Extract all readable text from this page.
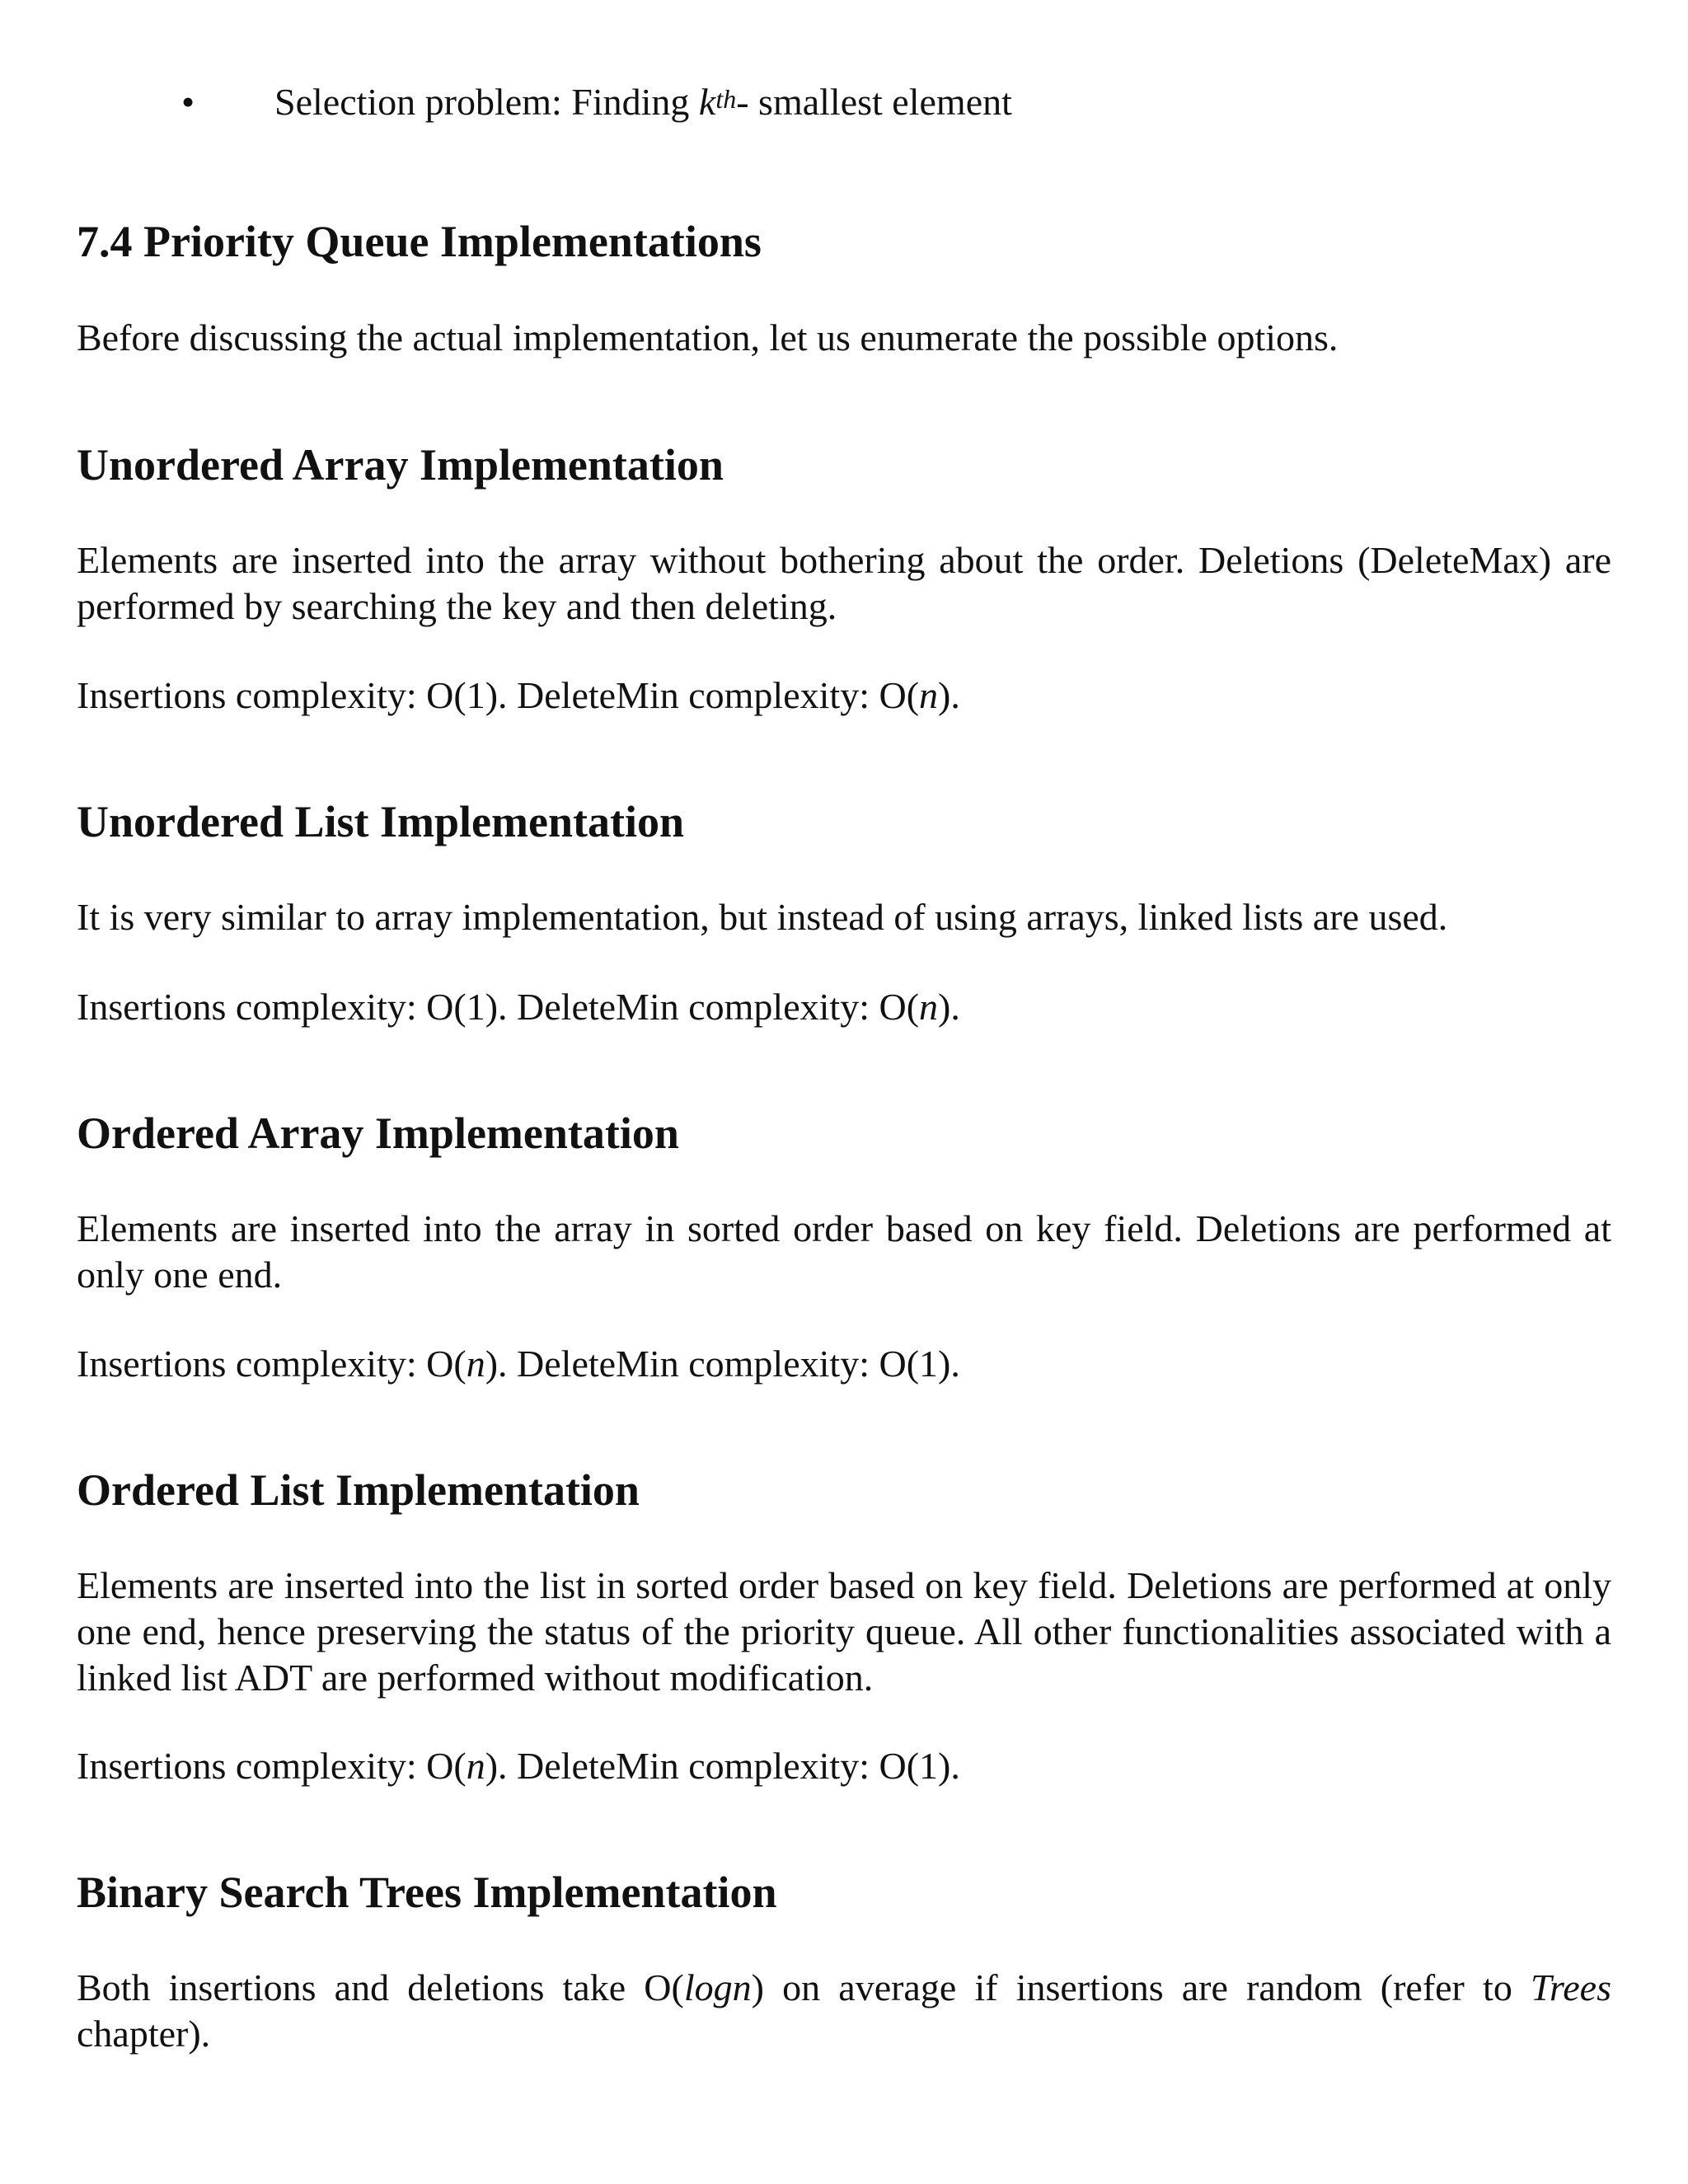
• Selection problem: Finding $k^{th}-$ smallest element
7.4 Priority Queue Implementations

Before discussing the actual implementation, let us enumerate the possible options.

Unordered Array Implementation

Elements are inserted into the array without bothering about the order. Deletions (DeleteMax) are performed by searching the key and then deleting.

Insertions complexity: O(1). DeleteMin complexity: O(n).

Unordered List Implementation

It is very similar to array implementation, but instead of using arrays, linked lists are used.

Insertions complexity: O(1). DeleteMin complexity: O(n).

Ordered Array Implementation

Elements are inserted into the array in sorted order based on key field. Deletions are performed at only one end.

Insertions complexity: O(n). DeleteMin complexity: O(1).

Ordered List Implementation

Elements are inserted into the list in sorted order based on key field. Deletions are performed at only one end, hence preserving the status of the priority queue. All other functionalities associated with a linked list ADT are performed without modification.

Insertions complexity: O(n). DeleteMin complexity: O(1).

Binary Search Trees Implementation

Both insertions and deletions take O(logn) on average if insertions are random (refer to Trees chapter).
